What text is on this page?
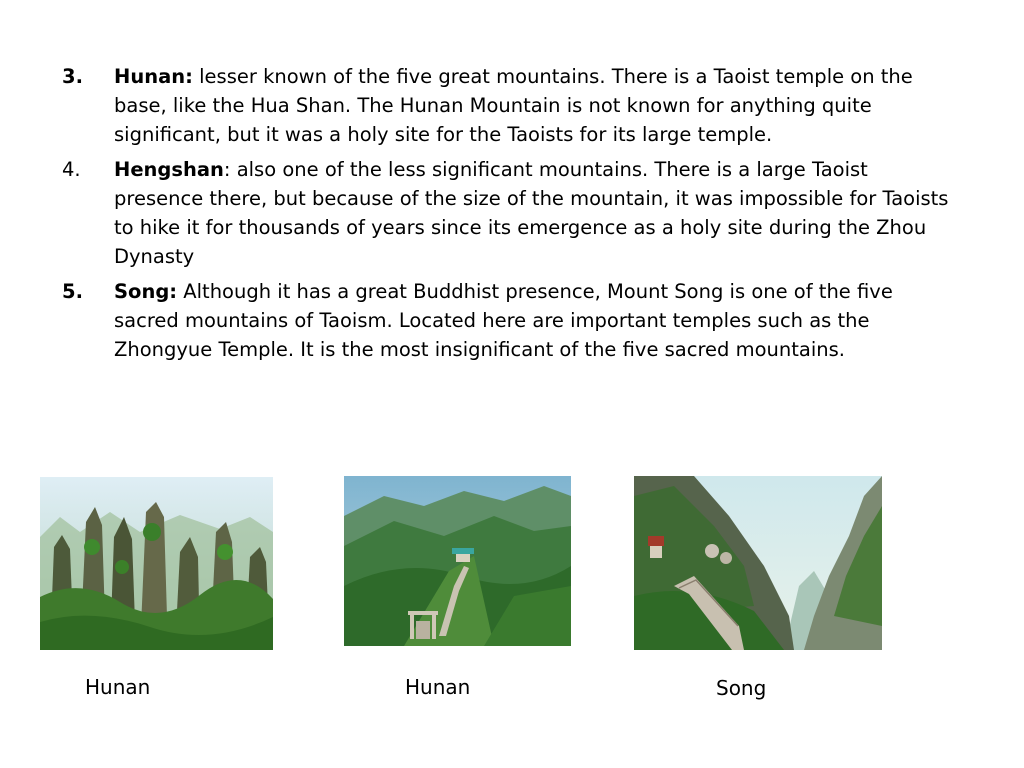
3.	Hunan: lesser known of the five great mountains. There is a Taoist temple on the base, like the Hua Shan. The Hunan Mountain is not known for anything quite significant, but it was a holy site for the Taoists for its large temple.
4.	Hengshan: also one of the less significant mountains. There is a large Taoist presence there, but because of the size of the mountain, it was impossible for Taoists to hike it for thousands of years since its emergence as a holy site during the Zhou Dynasty
5.	Song: Although it has a great Buddhist presence, Mount Song is one of the five sacred mountains of Taoism. Located here are important temples such as the Zhongyue Temple. It is the most insignificant of the five sacred mountains.
Hunan	Hunan	Song
